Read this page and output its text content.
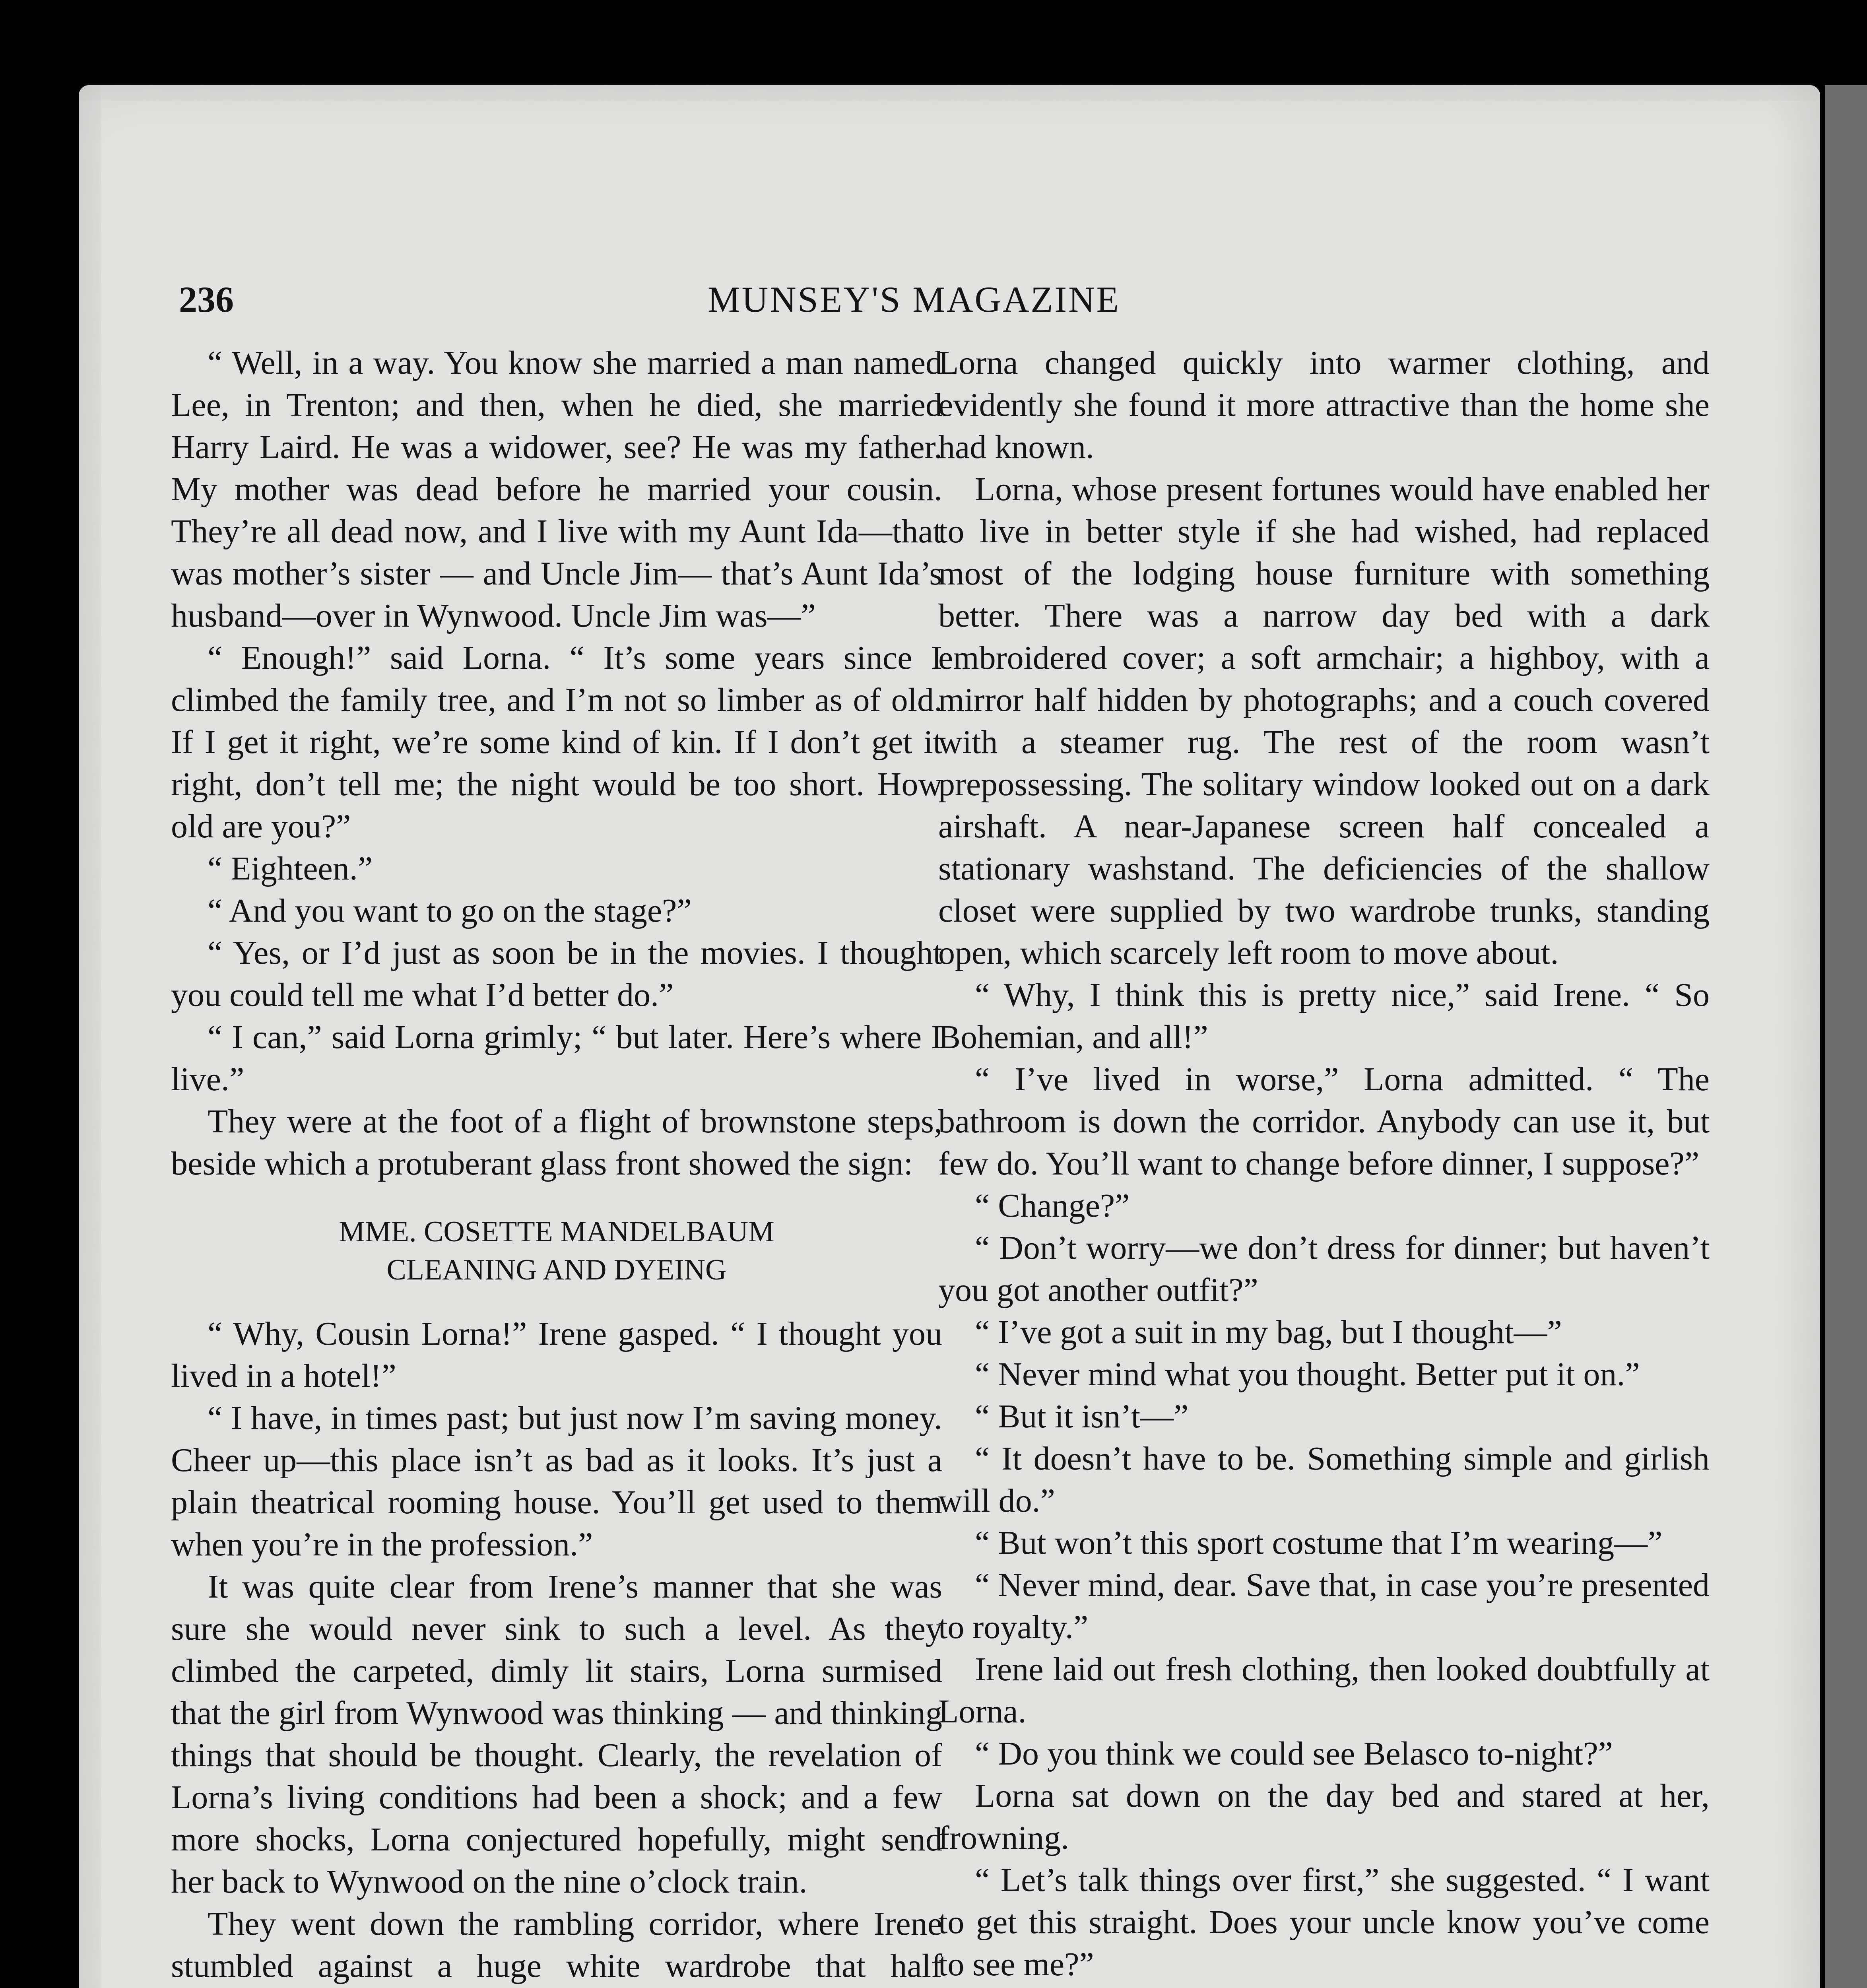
236	MUNSEY'S MAGAZINE

“ Well, in a way. You know she married a man named Lee, in Trenton; and then, when he died, she married Harry Laird. He was a widower, see? He was my father. My mother was dead before he married your cousin. They’re all dead now, and I live with my Aunt Ida—that was mother’s sister — and Uncle Jim— that’s Aunt Ida’s husband—over in Wynwood. Uncle Jim was—”

“ Enough!” said Lorna. “ It’s some years since I climbed the family tree, and I’m not so limber as of old. If I get it right, we’re some kind of kin. If I don’t get it right, don’t tell me; the night would be too short. How old are you?”

“ Eighteen.”

“ And you want to go on the stage?”

“ Yes, or I’d just as soon be in the movies. I thought you could tell me what I’d better do.”

“ I can,” said Lorna grimly; “ but later. Here’s where I live.”

They were at the foot of a flight of brownstone steps, beside which a protuberant glass front showed the sign:

MME. COSETTE MANDELBAUM
CLEANING AND DYEING

“ Why, Cousin Lorna!” Irene gasped. “ I thought you lived in a hotel!”

“ I have, in times past; but just now I’m saving money. Cheer up—this place isn’t as bad as it looks. It’s just a plain theatrical rooming house. You’ll get used to them when you’re in the profession.”

It was quite clear from Irene’s manner that she was sure she would never sink to such a level. As they climbed the carpeted, dimly lit stairs, Lorna surmised that the girl from Wynwood was thinking — and thinking things that should be thought. Clearly, the revelation of Lorna’s living conditions had been a shock; and a few more shocks, Lorna conjectured hopefully, might send her back to Wynwood on the nine o’clock train.

They went down the rambling corridor, where Irene stumbled against a huge white wardrobe that half

Lorna changed quickly into warmer clothing, and evidently she found it more attractive than the home she had known.

Lorna, whose present fortunes would have enabled her to live in better style if she had wished, had replaced most of the lodging house furniture with something better. There was a narrow day bed with a dark embroidered cover; a soft armchair; a highboy, with a mirror half hidden by photographs; and a couch covered with a steamer rug. The rest of the room wasn’t prepossessing. The solitary window looked out on a dark airshaft. A near-Japanese screen half concealed a stationary washstand. The deficiencies of the shallow closet were supplied by two wardrobe trunks, standing open, which scarcely left room to move about.

“ Why, I think this is pretty nice,” said Irene. “ So Bohemian, and all!”

“ I’ve lived in worse,” Lorna admitted. “ The bathroom is down the corridor. Anybody can use it, but few do. You’ll want to change before dinner, I suppose?”

“ Change?”

“ Don’t worry—we don’t dress for dinner; but haven’t you got another outfit?”

“ I’ve got a suit in my bag, but I thought—”

“ Never mind what you thought. Better put it on.”

“ But it isn’t—”

“ It doesn’t have to be. Something simple and girlish will do.”

“ But won’t this sport costume that I’m wearing—”

“ Never mind, dear. Save that, in case you’re presented to royalty.”

Irene laid out fresh clothing, then looked doubtfully at Lorna.

“ Do you think we could see Belasco to-night?”

Lorna sat down on the day bed and stared at her, frowning.

“ Let’s talk things over first,” she suggested. “ I want to get this straight. Does your uncle know you’ve come to see me?”
